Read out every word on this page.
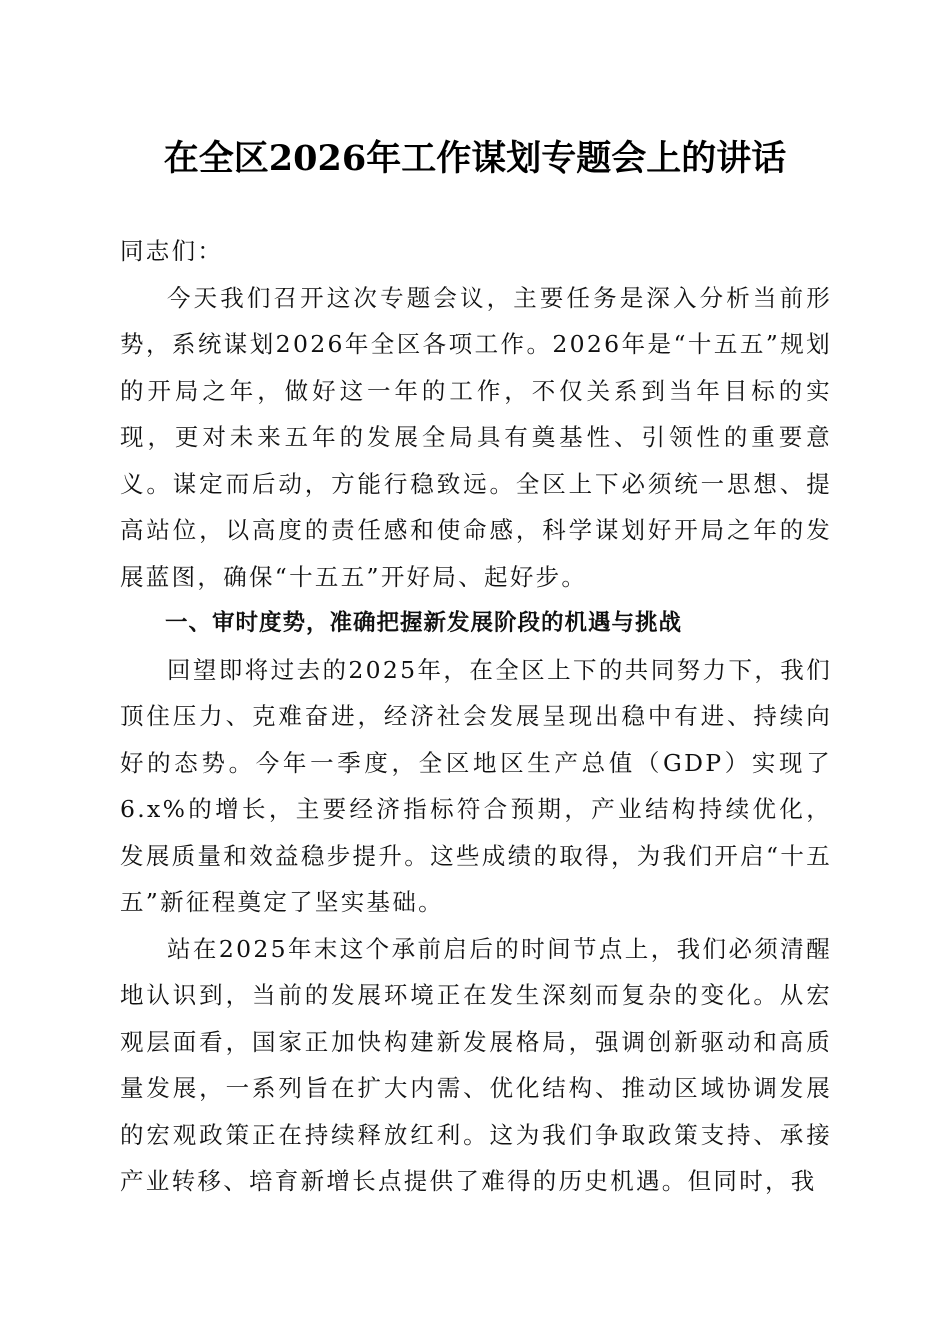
在全区2026年工作谋划专题会上的讲话

同志们：

今天我们召开这次专题会议，主要任务是深入分析当前形势，系统谋划2026年全区各项工作。2026年是“十五五”规划的开局之年，做好这一年的工作，不仅关系到当年目标的实现，更对未来五年的发展全局具有奠基性、引领性的重要意义。谋定而后动，方能行稳致远。全区上下必须统一思想、提高站位，以高度的责任感和使命感，科学谋划好开局之年的发展蓝图，确保“十五五”开好局、起好步。

一、审时度势，准确把握新发展阶段的机遇与挑战

回望即将过去的2025年，在全区上下的共同努力下，我们顶住压力、克难奋进，经济社会发展呈现出稳中有进、持续向好的态势。今年一季度，全区地区生产总值（GDP）实现了6.x%的增长，主要经济指标符合预期，产业结构持续优化，发展质量和效益稳步提升。这些成绩的取得，为我们开启“十五五”新征程奠定了坚实基础。

站在2025年末这个承前启后的时间节点上，我们必须清醒地认识到，当前的发展环境正在发生深刻而复杂的变化。从宏观层面看，国家正加快构建新发展格局，强调创新驱动和高质量发展，一系列旨在扩大内需、优化结构、推动区域协调发展的宏观政策正在持续释放红利。这为我们争取政策支持、承接产业转移、培育新增长点提供了难得的历史机遇。但同时，我
